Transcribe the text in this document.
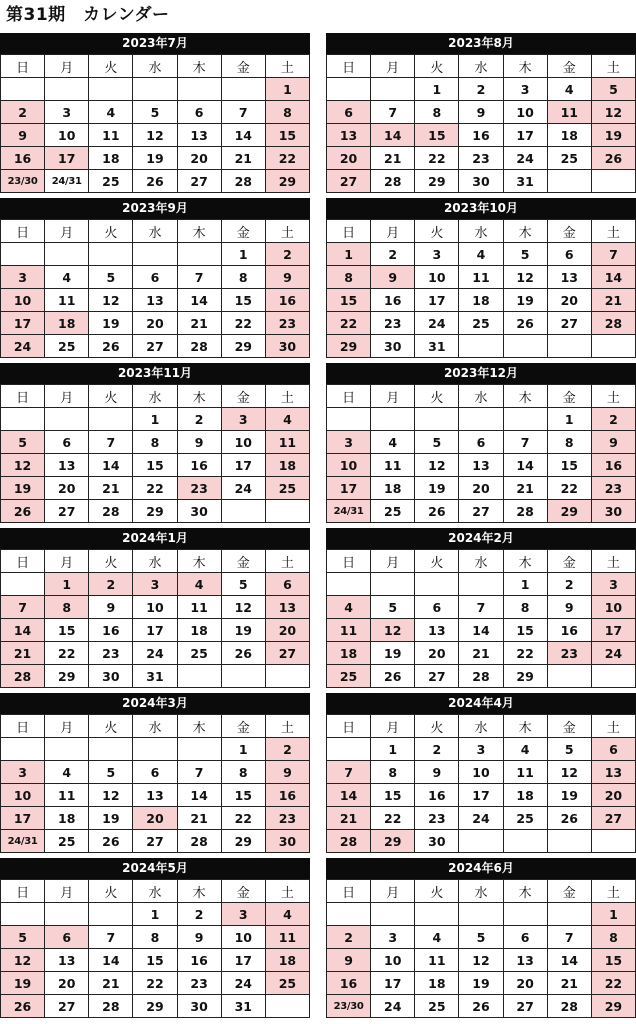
第31期　カレンダー
2023年7月
日	月	火	水	木	金	土
						1
2	3	4	5	6	7	8
9	10	11	12	13	14	15
16	17	18	19	20	21	22
23/30	24/31	25	26	27	28	29
2023年8月
日	月	火	水	木	金	土
		1	2	3	4	5
6	7	8	9	10	11	12
13	14	15	16	17	18	19
20	21	22	23	24	25	26
27	28	29	30	31		
2023年9月
日	月	火	水	木	金	土
					1	2
3	4	5	6	7	8	9
10	11	12	13	14	15	16
17	18	19	20	21	22	23
24	25	26	27	28	29	30
2023年10月
日	月	火	水	木	金	土
1	2	3	4	5	6	7
8	9	10	11	12	13	14
15	16	17	18	19	20	21
22	23	24	25	26	27	28
29	30	31				
2023年11月
日	月	火	水	木	金	土
			1	2	3	4
5	6	7	8	9	10	11
12	13	14	15	16	17	18
19	20	21	22	23	24	25
26	27	28	29	30		
2023年12月
日	月	火	水	木	金	土
					1	2
3	4	5	6	7	8	9
10	11	12	13	14	15	16
17	18	19	20	21	22	23
24/31	25	26	27	28	29	30
2024年1月
日	月	火	水	木	金	土
	1	2	3	4	5	6
7	8	9	10	11	12	13
14	15	16	17	18	19	20
21	22	23	24	25	26	27
28	29	30	31			
2024年2月
日	月	火	水	木	金	土
				1	2	3
4	5	6	7	8	9	10
11	12	13	14	15	16	17
18	19	20	21	22	23	24
25	26	27	28	29		
2024年3月
日	月	火	水	木	金	土
					1	2
3	4	5	6	7	8	9
10	11	12	13	14	15	16
17	18	19	20	21	22	23
24/31	25	26	27	28	29	30
2024年4月
日	月	火	水	木	金	土
	1	2	3	4	5	6
7	8	9	10	11	12	13
14	15	16	17	18	19	20
21	22	23	24	25	26	27
28	29	30				
2024年5月
日	月	火	水	木	金	土
			1	2	3	4
5	6	7	8	9	10	11
12	13	14	15	16	17	18
19	20	21	22	23	24	25
26	27	28	29	30	31	
2024年6月
日	月	火	水	木	金	土
						1
2	3	4	5	6	7	8
9	10	11	12	13	14	15
16	17	18	19	20	21	22
23/30	24	25	26	27	28	29
